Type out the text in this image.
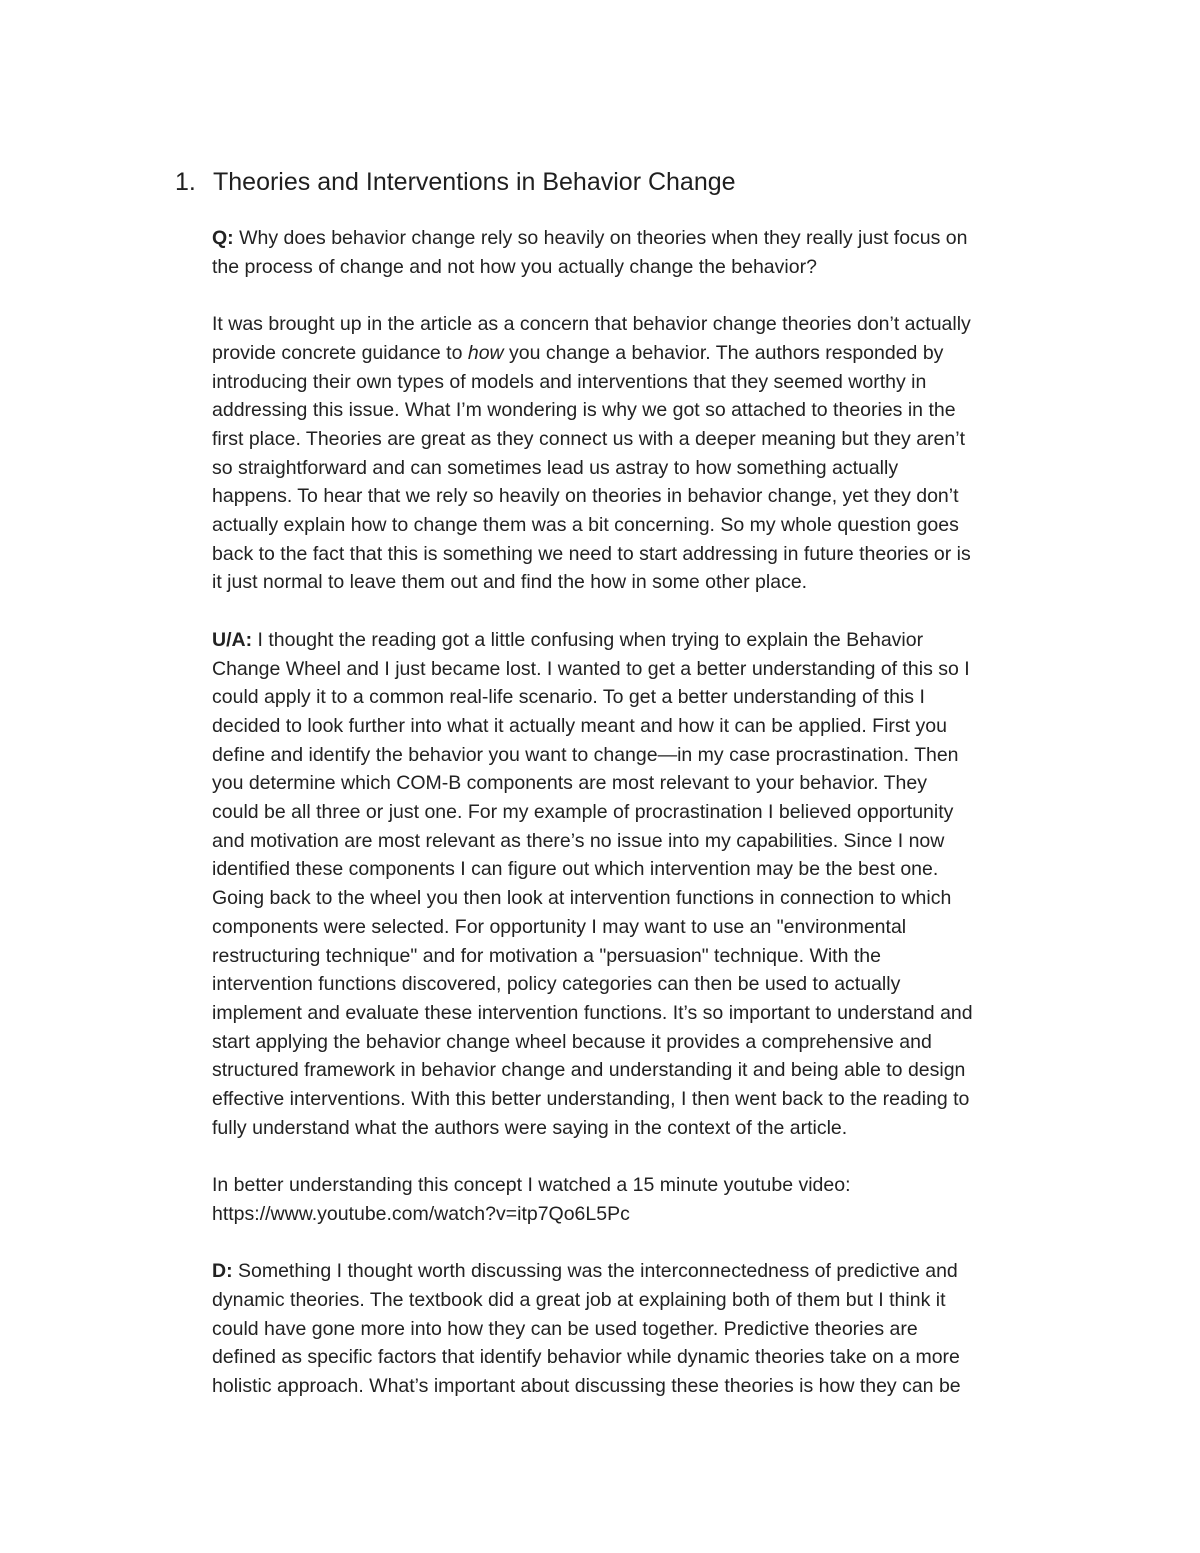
1. Theories and Interventions in Behavior Change
Q: Why does behavior change rely so heavily on theories when they really just focus on
the process of change and not how you actually change the behavior?
It was brought up in the article as a concern that behavior change theories don’t actually
provide concrete guidance to how you change a behavior. The authors responded by
introducing their own types of models and interventions that they seemed worthy in
addressing this issue. What I’m wondering is why we got so attached to theories in the
first place. Theories are great as they connect us with a deeper meaning but they aren’t
so straightforward and can sometimes lead us astray to how something actually
happens. To hear that we rely so heavily on theories in behavior change, yet they don’t
actually explain how to change them was a bit concerning. So my whole question goes
back to the fact that this is something we need to start addressing in future theories or is
it just normal to leave them out and find the how in some other place.
U/A: I thought the reading got a little confusing when trying to explain the Behavior
Change Wheel and I just became lost. I wanted to get a better understanding of this so I
could apply it to a common real-life scenario. To get a better understanding of this I
decided to look further into what it actually meant and how it can be applied. First you
define and identify the behavior you want to change—in my case procrastination. Then
you determine which COM-B components are most relevant to your behavior. They
could be all three or just one. For my example of procrastination I believed opportunity
and motivation are most relevant as there’s no issue into my capabilities. Since I now
identified these components I can figure out which intervention may be the best one.
Going back to the wheel you then look at intervention functions in connection to which
components were selected. For opportunity I may want to use an "environmental
restructuring technique" and for motivation a "persuasion" technique. With the
intervention functions discovered, policy categories can then be used to actually
implement and evaluate these intervention functions. It’s so important to understand and
start applying the behavior change wheel because it provides a comprehensive and
structured framework in behavior change and understanding it and being able to design
effective interventions. With this better understanding, I then went back to the reading to
fully understand what the authors were saying in the context of the article.
In better understanding this concept I watched a 15 minute youtube video:
https://www.youtube.com/watch?v=itp7Qo6L5Pc
D: Something I thought worth discussing was the interconnectedness of predictive and
dynamic theories. The textbook did a great job at explaining both of them but I think it
could have gone more into how they can be used together. Predictive theories are
defined as specific factors that identify behavior while dynamic theories take on a more
holistic approach. What’s important about discussing these theories is how they can be
